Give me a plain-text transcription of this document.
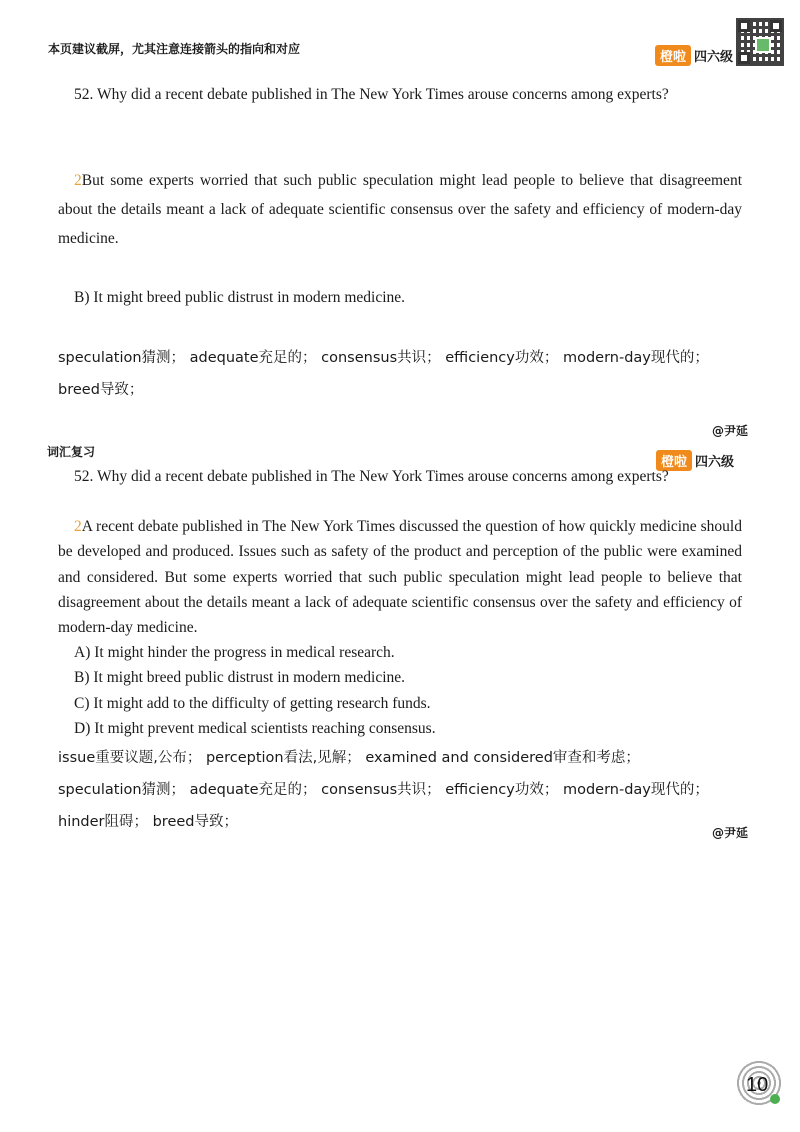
本页建议截屏，尤其注意连接箭头的指向和对应
橙啦 四六级
52. Why did a recent debate published in The New York Times arouse concerns among experts?
2But some experts worried that such public speculation might lead people to believe that disagreement about the details meant a lack of adequate scientific consensus over the safety and efficiency of modern-day medicine.
B) It might breed public distrust in modern medicine.
speculation猜测； adequate充足的； consensus共识； efficiency功效； modern-day现代的；
breed导致；
@尹延
词汇复习
橙啦 四六级
52. Why did a recent debate published in The New York Times arouse concerns among experts?
2A recent debate published in The New York Times discussed the question of how quickly medicine should be developed and produced. Issues such as safety of the product and perception of the public were examined and considered. But some experts worried that such public speculation might lead people to believe that disagreement about the details meant a lack of adequate scientific consensus over the safety and efficiency of modern-day medicine.
A) It might hinder the progress in medical research.
B) It might breed public distrust in modern medicine.
C) It might add to the difficulty of getting research funds.
D) It might prevent medical scientists reaching consensus.
issue重要议题,公布； perception看法,见解； examined and considered审查和考虑；
speculation猜测； adequate充足的； consensus共识； efficiency功效； modern-day现代的；
hinder阻碍； breed导致；
@尹延
10
